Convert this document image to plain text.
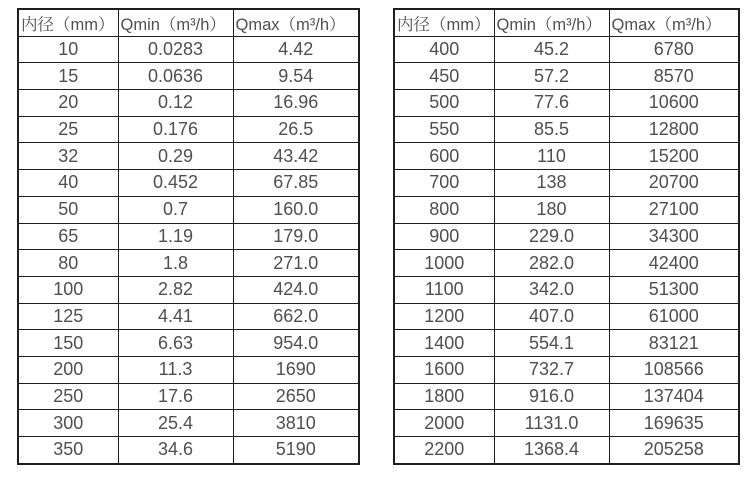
内径（mm）	Qmin（m³/h）	Qmax（m³/h）
10	0.0283	4.42
15	0.0636	9.54
20	0.12	16.96
25	0.176	26.5
32	0.29	43.42
40	0.452	67.85
50	0.7	160.0
65	1.19	179.0
80	1.8	271.0
100	2.82	424.0
125	4.41	662.0
150	6.63	954.0
200	11.3	1690
250	17.6	2650
300	25.4	3810
350	34.6	5190
内径（mm）	Qmin（m³/h）	Qmax（m³/h）
400	45.2	6780
450	57.2	8570
500	77.6	10600
550	85.5	12800
600	110	15200
700	138	20700
800	180	27100
900	229.0	34300
1000	282.0	42400
1100	342.0	51300
1200	407.0	61000
1400	554.1	83121
1600	732.7	108566
1800	916.0	137404
2000	1131.0	169635
2200	1368.4	205258
